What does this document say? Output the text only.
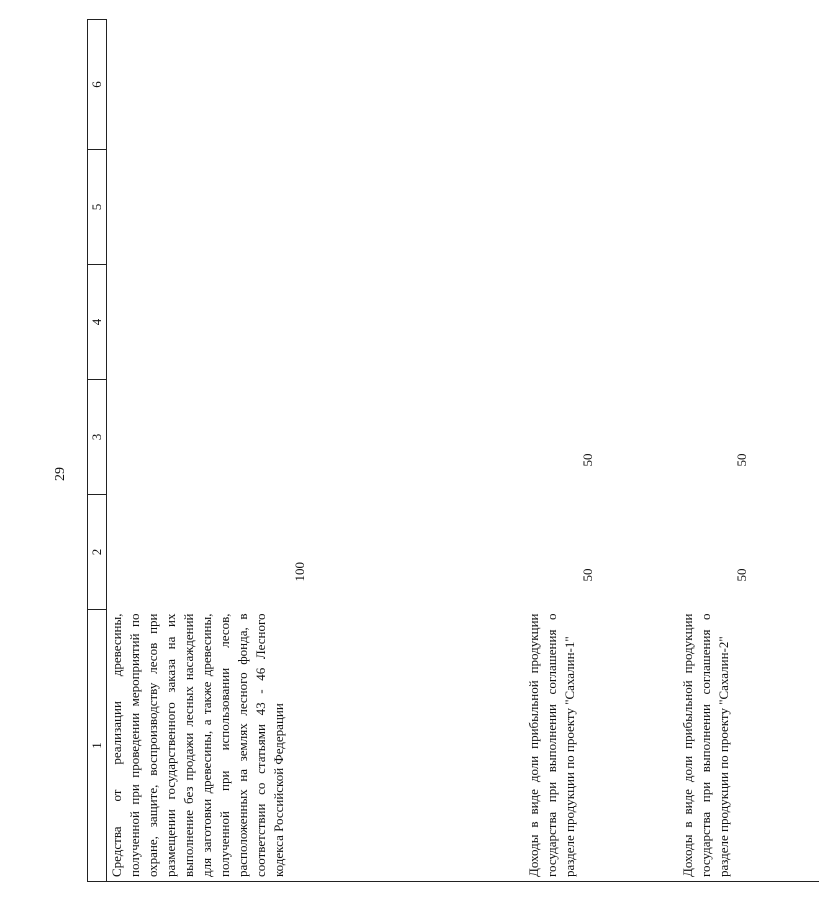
29
1	2	3	4	5	6
Средства от реализации древесины, полученной при проведении мероприятий по охране, защите, воспроизводству лесов при размещении государственного заказа на их выполнение без продажи лесных насаждений для заготовки древесины, а также древесины, полученной при использовании лесов, расположенных на землях лесного фонда, в соответствии со статьями 43 - 46 Лесного кодекса Российской Федерации	100				
Доходы в виде доли прибыльной продукции государства при выполнении соглашения о разделе продукции по проекту "Сахалин-1"	50	50			
Доходы в виде доли прибыльной продукции государства при выполнении соглашения о разделе продукции по проекту "Сахалин-2"	50	50			
